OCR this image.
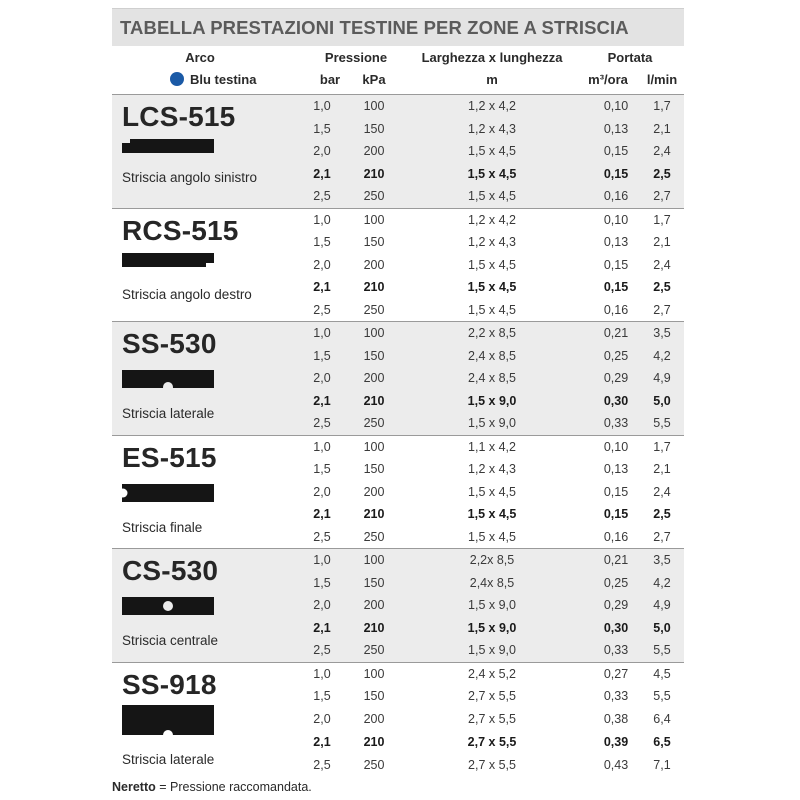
TABELLA PRESTAZIONI TESTINE PER ZONE A STRISCIA
Arco
Blu testina
Pressione
bar kPa
Larghezza x lunghezza
m
Portata
m³/ora l/min
LCS-515
Striscia angolo sinistro
1,0	100	1,2 x 4,2	0,10 1,7
1,5	150	1,2 x 4,3	0,13 2,1
2,0	200	1,5 x 4,5	0,15 2,4
2,1	210	1,5 x 4,5	0,15 2,5
2,5	250	1,5 x 4,5	0,16 2,7
RCS-515
Striscia angolo destro
1,0	100	1,2 x 4,2	0,10 1,7
1,5	150	1,2 x 4,3	0,13 2,1
2,0	200	1,5 x 4,5	0,15 2,4
2,1	210	1,5 x 4,5	0,15 2,5
2,5	250	1,5 x 4,5	0,16 2,7
SS-530
Striscia laterale
1,0	100	2,2 x 8,5	0,21 3,5
1,5	150	2,4 x 8,5	0,25 4,2
2,0	200	2,4 x 8,5	0,29 4,9
2,1	210	1,5 x 9,0	0,30 5,0
2,5	250	1,5 x 9,0	0,33 5,5
ES-515
Striscia finale
1,0	100	1,1 x 4,2	0,10 1,7
1,5	150	1,2 x 4,3	0,13 2,1
2,0	200	1,5 x 4,5	0,15 2,4
2,1	210	1,5 x 4,5	0,15 2,5
2,5	250	1,5 x 4,5	0,16 2,7
CS-530
Striscia centrale
1,0	100	2,2x 8,5	0,21 3,5
1,5	150	2,4x 8,5	0,25 4,2
2,0	200	1,5 x 9,0	0,29 4,9
2,1	210	1,5 x 9,0	0,30 5,0
2,5	250	1,5 x 9,0	0,33 5,5
SS-918
Striscia laterale
1,0	100	2,4 x 5,2	0,27 4,5
1,5	150	2,7 x 5,5	0,33 5,5
2,0	200	2,7 x 5,5	0,38 6,4
2,1	210	2,7 x 5,5	0,39 6,5
2,5	250	2,7 x 5,5	0,43 7,1
Neretto = Pressione raccomandata.
